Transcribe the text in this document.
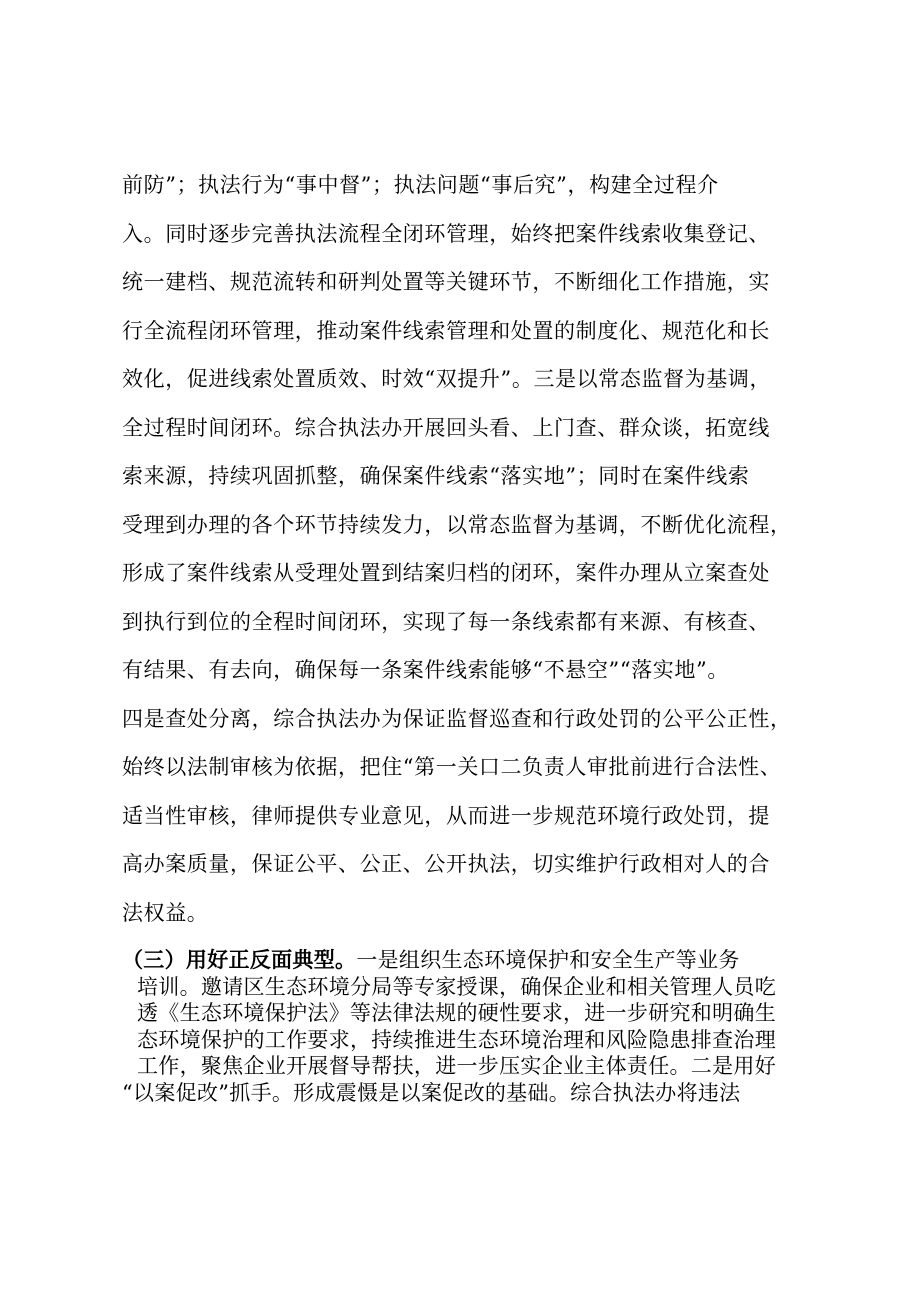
前防”；执法行为“事中督”；执法问题“事后究”，构建全过程介
入。同时逐步完善执法流程全闭环管理，始终把案件线索收集登记、
统一建档、规范流转和研判处置等关键环节，不断细化工作措施，实
行全流程闭环管理，推动案件线索管理和处置的制度化、规范化和长
效化，促进线索处置质效、时效“双提升”。三是以常态监督为基调，
全过程时间闭环。综合执法办开展回头看、上门查、群众谈，拓宽线
索来源，持续巩固抓整，确保案件线索“落实地”；同时在案件线索
受理到办理的各个环节持续发力，以常态监督为基调，不断优化流程，
形成了案件线索从受理处置到结案归档的闭环，案件办理从立案查处
到执行到位的全程时间闭环，实现了每一条线索都有来源、有核查、
有结果、有去向，确保每一条案件线索能够“不悬空”“落实地”。
四是查处分离，综合执法办为保证监督巡查和行政处罚的公平公正性，
始终以法制审核为依据，把住“第一关口二负责人审批前进行合法性、
适当性审核，律师提供专业意见，从而进一步规范环境行政处罚，提
高办案质量，保证公平、公正、公开执法，切实维护行政相对人的合
法权益。
（三）用好正反面典型。一是组织生态环境保护和安全生产等业务
培训。邀请区生态环境分局等专家授课，确保企业和相关管理人员吃
透《生态环境保护法》等法律法规的硬性要求，进一步研究和明确生
态环境保护的工作要求，持续推进生态环境治理和风险隐患排查治理
工作，聚焦企业开展督导帮扶，进一步压实企业主体责任。二是用好
“以案促改”抓手。形成震慑是以案促改的基础。综合执法办将违法
